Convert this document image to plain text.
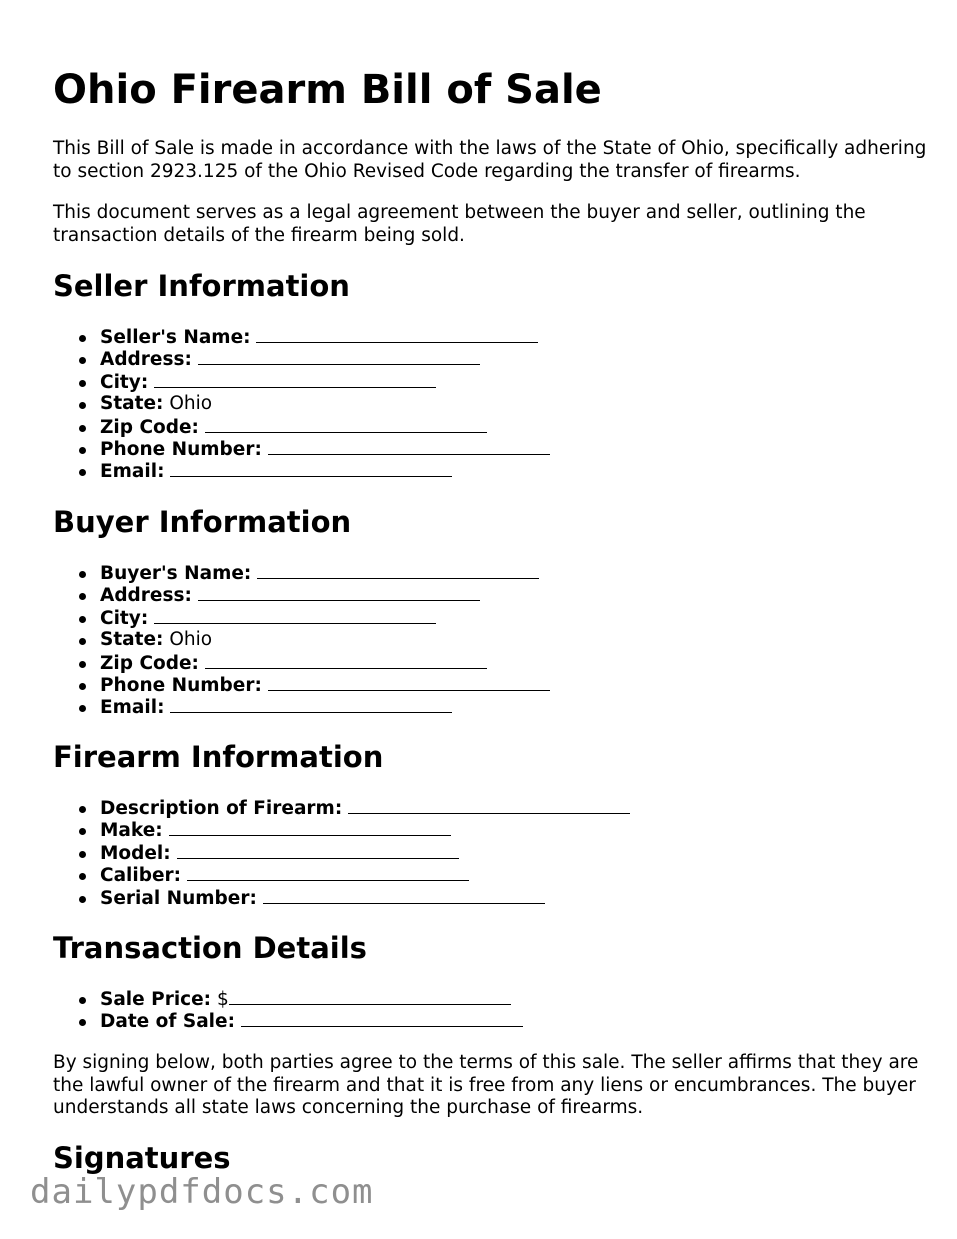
Ohio Firearm Bill of Sale

This Bill of Sale is made in accordance with the laws of the State of Ohio, specifically adhering to section 2923.125 of the Ohio Revised Code regarding the transfer of firearms.

This document serves as a legal agreement between the buyer and seller, outlining the transaction details of the firearm being sold.

Seller Information
Seller's Name:
Address:
City:
State: Ohio
Zip Code:
Phone Number:
Email:
Buyer Information
Buyer's Name:
Address:
City:
State: Ohio
Zip Code:
Phone Number:
Email:
Firearm Information
Description of Firearm:
Make:
Model:
Caliber:
Serial Number:
Transaction Details
Sale Price: $
Date of Sale:

By signing below, both parties agree to the terms of this sale. The seller affirms that they are the lawful owner of the firearm and that it is free from any liens or encumbrances. The buyer understands all state laws concerning the purchase of firearms.

Signatures
dailypdfdocs.com
